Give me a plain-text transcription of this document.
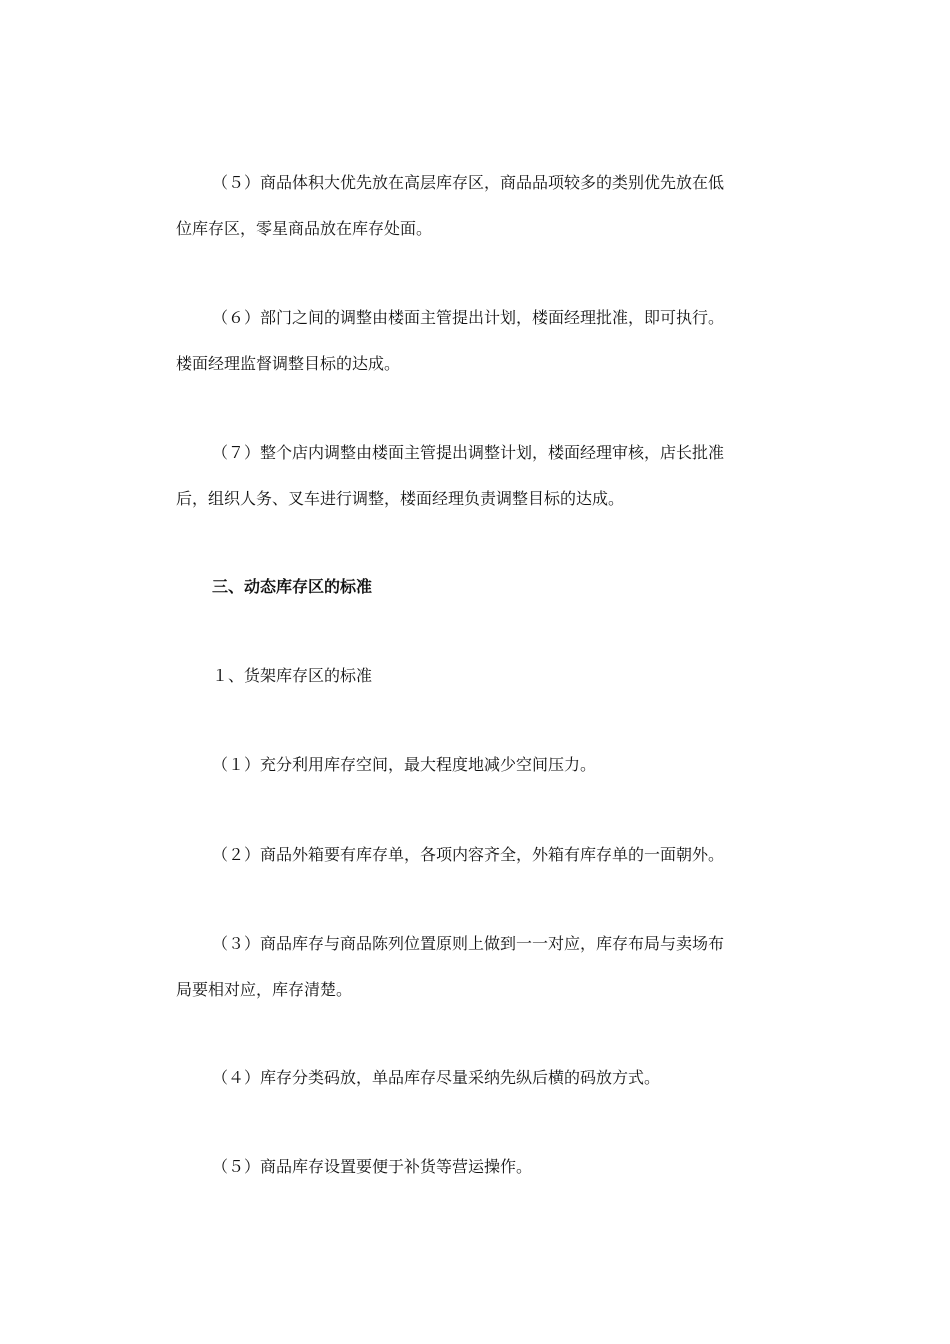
（５）商品体积大优先放在高层库存区，商品品项较多的类别优先放在低
位库存区，零星商品放在库存处面。
（６）部门之间的调整由楼面主管提出计划，楼面经理批准，即可执行。
楼面经理监督调整目标的达成。
（７）整个店内调整由楼面主管提出调整计划，楼面经理审核，店长批准
后，组织人务、叉车进行调整，楼面经理负责调整目标的达成。
三、动态库存区的标准
１、货架库存区的标准
（１）充分利用库存空间，最大程度地减少空间压力。
（２）商品外箱要有库存单，各项内容齐全，外箱有库存单的一面朝外。
（３）商品库存与商品陈列位置原则上做到一一对应，库存布局与卖场布
局要相对应，库存清楚。
（４）库存分类码放，单品库存尽量采纳先纵后横的码放方式。
（５）商品库存设置要便于补货等营运操作。
